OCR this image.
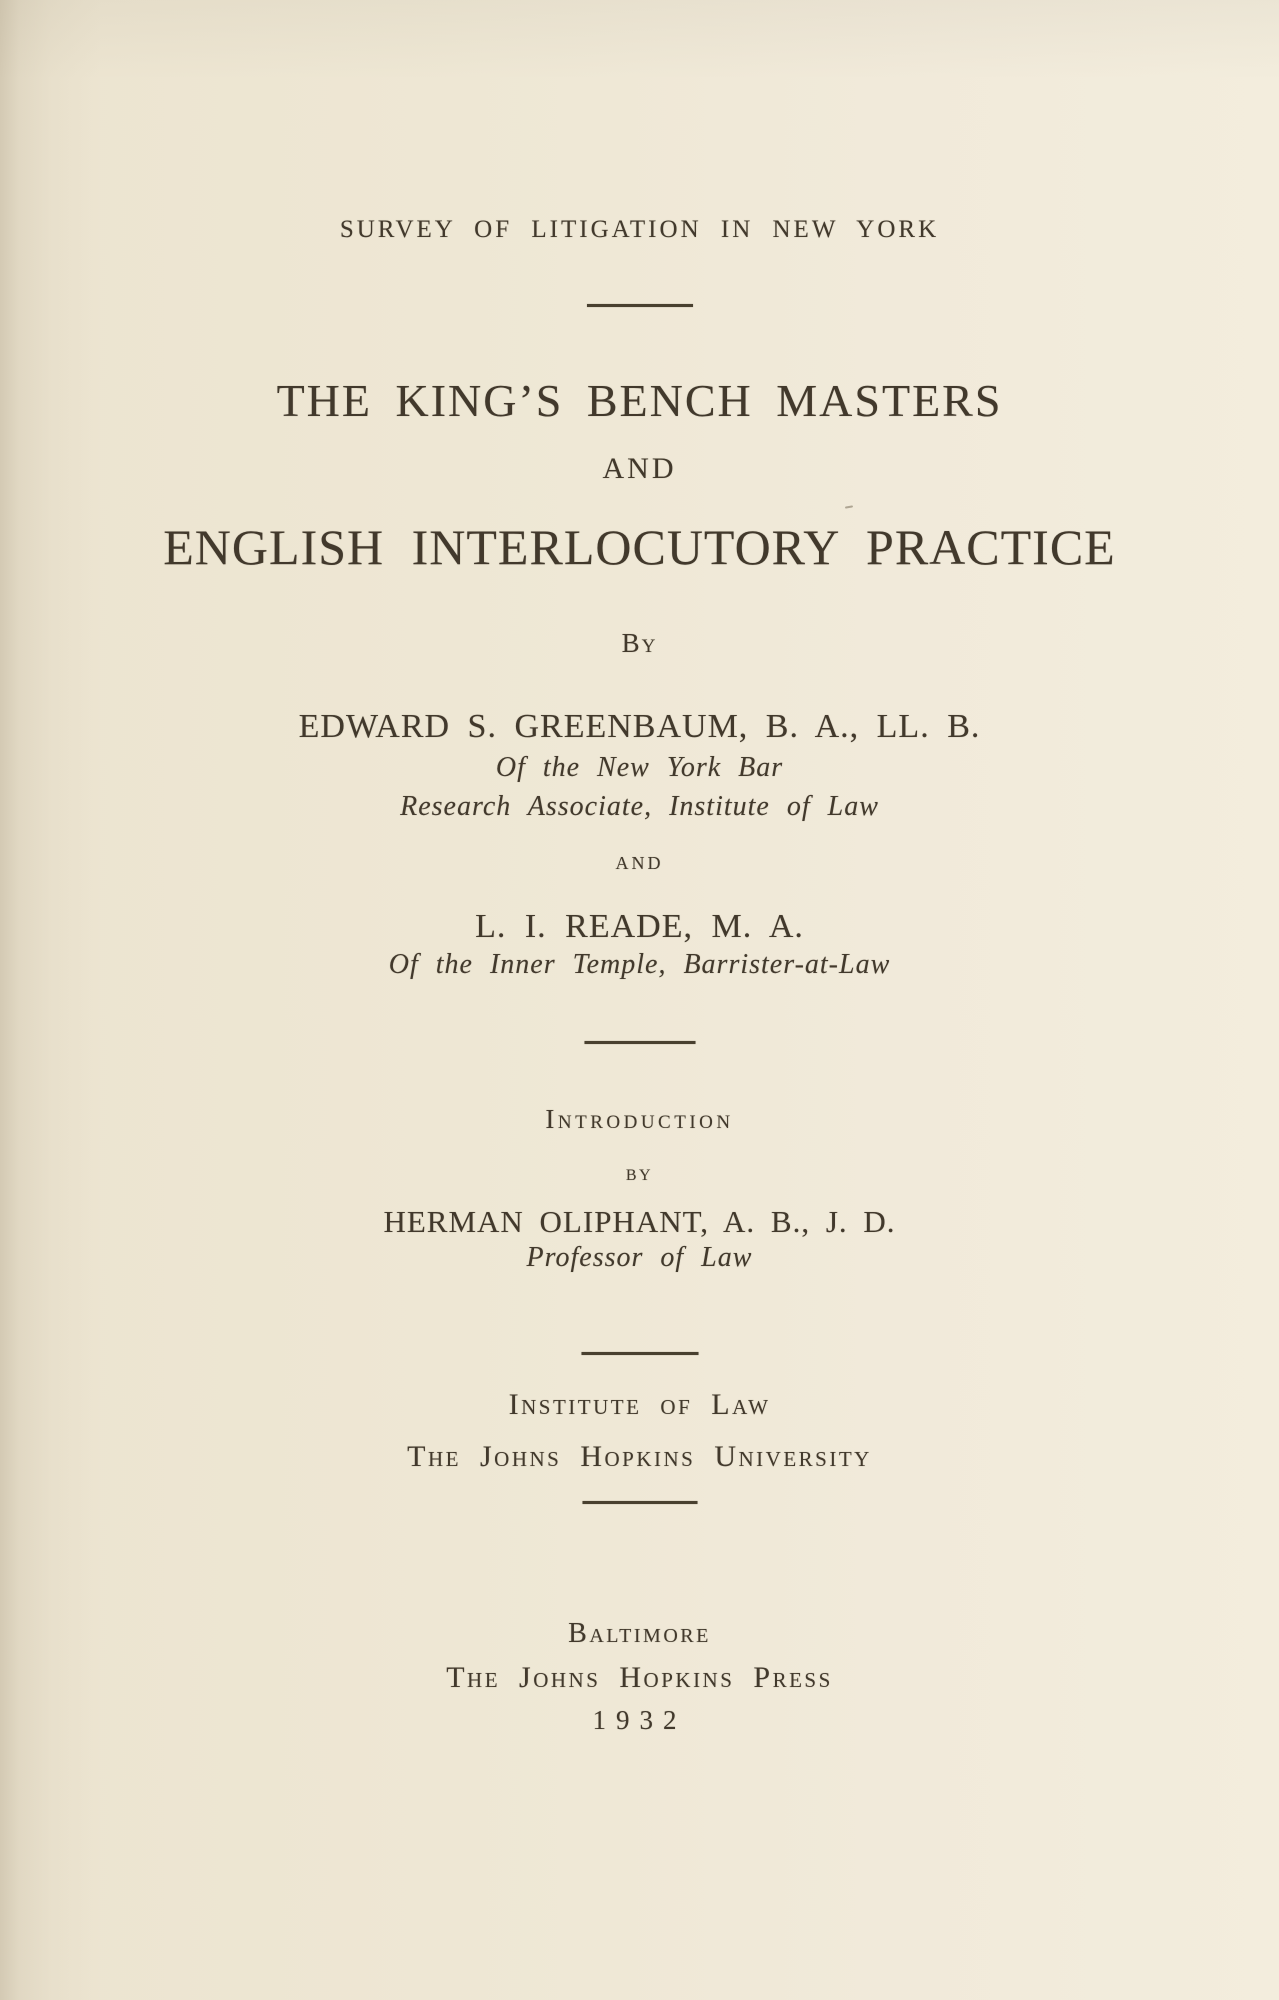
SURVEY OF LITIGATION IN NEW YORK
THE KING’S BENCH MASTERS
AND
ENGLISH INTERLOCUTORY PRACTICE
By
EDWARD S. GREENBAUM, B. A., LL. B.
Of the New York Bar
Research Associate, Institute of Law
and
L. I. READE, M. A.
Of the Inner Temple, Barrister-at-Law
Introduction
by
HERMAN OLIPHANT, A. B., J. D.
Professor of Law
Institute of Law
The Johns Hopkins University
Baltimore
The Johns Hopkins Press
1932
